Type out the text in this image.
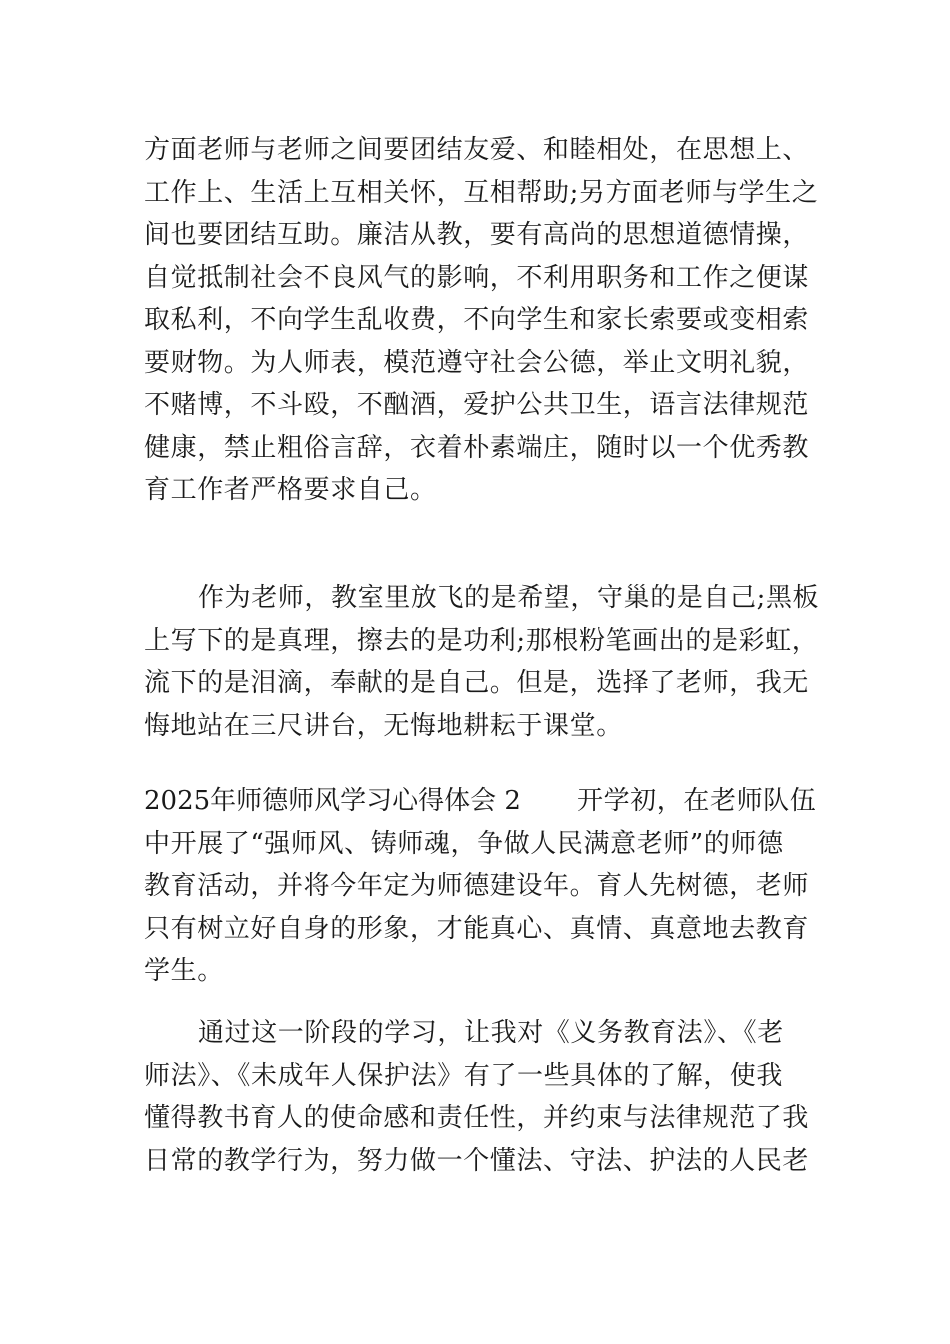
方面老师与老师之间要团结友爱、和睦相处，在思想上、
工作上、生活上互相关怀，互相帮助;另方面老师与学生之
间也要团结互助。廉洁从教，要有高尚的思想道德情操，
自觉抵制社会不良风气的影响，不利用职务和工作之便谋
取私利，不向学生乱收费，不向学生和家长索要或变相索
要财物。为人师表，模范遵守社会公德，举止文明礼貌，
不赌博，不斗殴，不酗酒，爱护公共卫生，语言法律规范
健康，禁止粗俗言辞，衣着朴素端庄，随时以一个优秀教
育工作者严格要求自己。
作为老师，教室里放飞的是希望，守巢的是自己;黑板
上写下的是真理，擦去的是功利;那根粉笔画出的是彩虹，
流下的是泪滴，奉献的是自己。但是，选择了老师，我无
悔地站在三尺讲台，无悔地耕耘于课堂。
2025年师德师风学习心得体会 2 开学初，在老师队伍
中开展了“强师风、铸师魂，争做人民满意老师”的师德
教育活动，并将今年定为师德建设年。育人先树德，老师
只有树立好自身的形象，才能真心、真情、真意地去教育
学生。
通过这一阶段的学习，让我对《义务教育法》、《老
师法》、《未成年人保护法》有了一些具体的了解，使我
懂得教书育人的使命感和责任性，并约束与法律规范了我
日常的教学行为，努力做一个懂法、守法、护法的人民老
